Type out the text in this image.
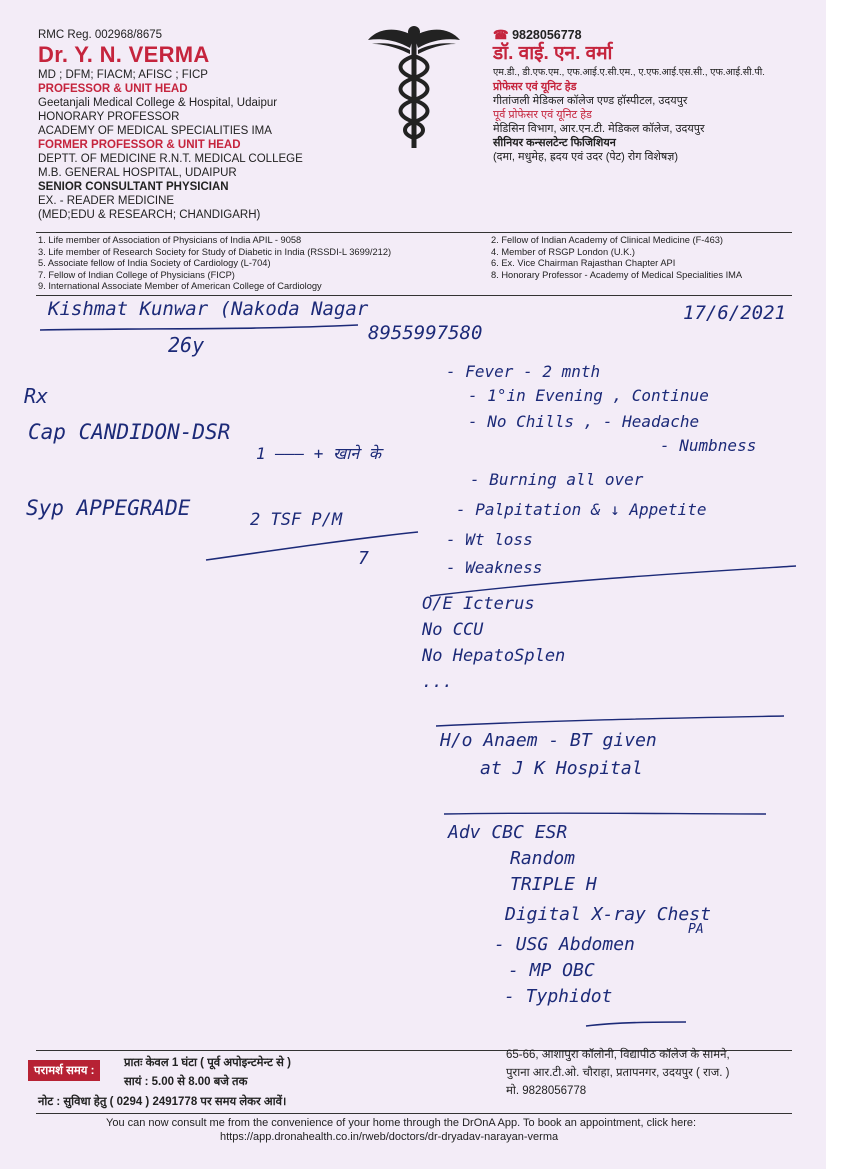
RMC Reg. 002968/8675
Dr. Y. N. VERMA
MD ; DFM; FIACM; AFISC ; FICP
PROFESSOR & UNIT HEAD
Geetanjali Medical College & Hospital, Udaipur
HONORARY PROFESSOR
ACADEMY OF MEDICAL SPECIALITIES IMA
FORMER PROFESSOR & UNIT HEAD
DEPTT. OF MEDICINE R.N.T. MEDICAL COLLEGE
M.B. GENERAL HOSPITAL, UDAIPUR
SENIOR CONSULTANT PHYSICIAN
EX. - READER MEDICINE
(MED;EDU & RESEARCH; CHANDIGARH)
☎ 9828056778
डॉ. वाई. एन. वर्मा
एम.डी., डी.एफ.एम., एफ.आई.ए.सी.एम., ए.एफ.आई.एस.सी., एफ.आई.सी.पी.
प्रोफेसर एवं यूनिट हेड
गीतांजली मेडिकल कॉलेज एण्ड हॉस्पीटल, उदयपुर
पूर्व प्रोफेसर एवं यूनिट हेड
मेडिसिन विभाग, आर.एन.टी. मेडिकल कॉलेज, उदयपुर
सीनियर कन्सलटेन्ट फिजिशियन
(दमा, मधुमेह, ह्रदय एवं उदर (पेट) रोग विशेषज्ञ)
1. Life member of Association of Physicians of India APIL - 9058
3. Life member of Research Society for Study of Diabetic in India (RSSDI-L 3699/212)
5. Associate fellow of India Society of Cardiology (L-704)
7. Fellow of Indian College of Physicians (FICP)
9. International Associate Member of American College of Cardiology
2. Fellow of Indian Academy of Clinical Medicine (F-463)
4. Member of RSGP London (U.K.)
6. Ex. Vice Chairman Rajasthan Chapter API
8. Honorary Professor - Academy of Medical Specialities IMA
Kishmat Kunwar (Nakoda Nagar
8955997580
17/6/2021
26y
Rx
Cap CANDIDON-DSR
1 ——— + खाने के
Syp APPEGRADE	2 TSF P/M
7
- Fever - 2 mnth
- 1°in Evening , Continue
- No Chills , - Headache
- Numbness
- Burning all over
- Palpitation & ↓ Appetite
- Wt loss
- Weakness
O/E Icterus
No CCU
No HepatoSplen
...
H/o Anaem - BT given
at J K Hospital
Adv CBC ESR
Random
TRIPLE H
Digital X-ray Chest
PA
- USG Abdomen
- MP OBC
- Typhidot
परामर्श समय :
प्रातः केवल 1 घंटा ( पूर्व अपोइन्टमेन्ट से )
सायं : 5.00 से 8.00 बजे तक
नोट : सुविधा हेतु ( 0294 ) 2491778 पर समय लेकर आवें।
65-66, आशापुरा कॉलोनी, विद्यापीठ कॉलेज के सामने,
पुराना आर.टी.ओ. चौराहा, प्रतापनगर, उदयपुर ( राज. )
मो. 9828056778
You can now consult me from the convenience of your home through the DrOnA App. To book an appointment, click here:
https://app.dronahealth.co.in/rweb/doctors/dr-dryadav-narayan-verma
